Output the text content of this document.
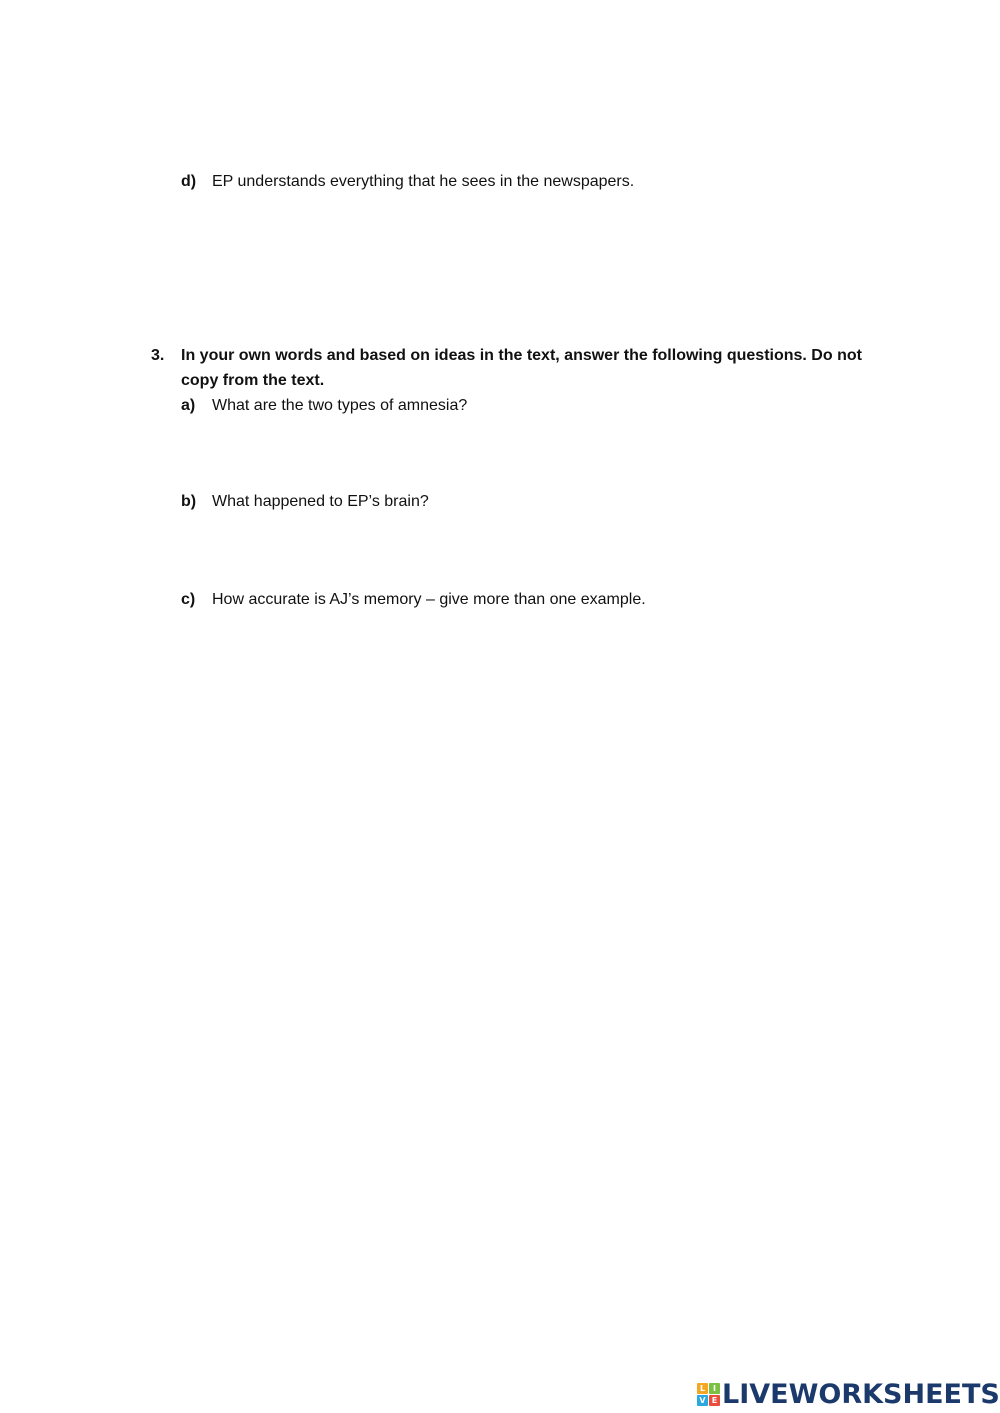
d) EP understands everything that he sees in the newspapers.
3. In your own words and based on ideas in the text, answer the following questions. Do not
copy from the text.
a) What are the two types of amnesia?
b) What happened to EP’s brain?
c) How accurate is AJ’s memory – give more than one example.
L I
V E LIVEWORKSHEETS
